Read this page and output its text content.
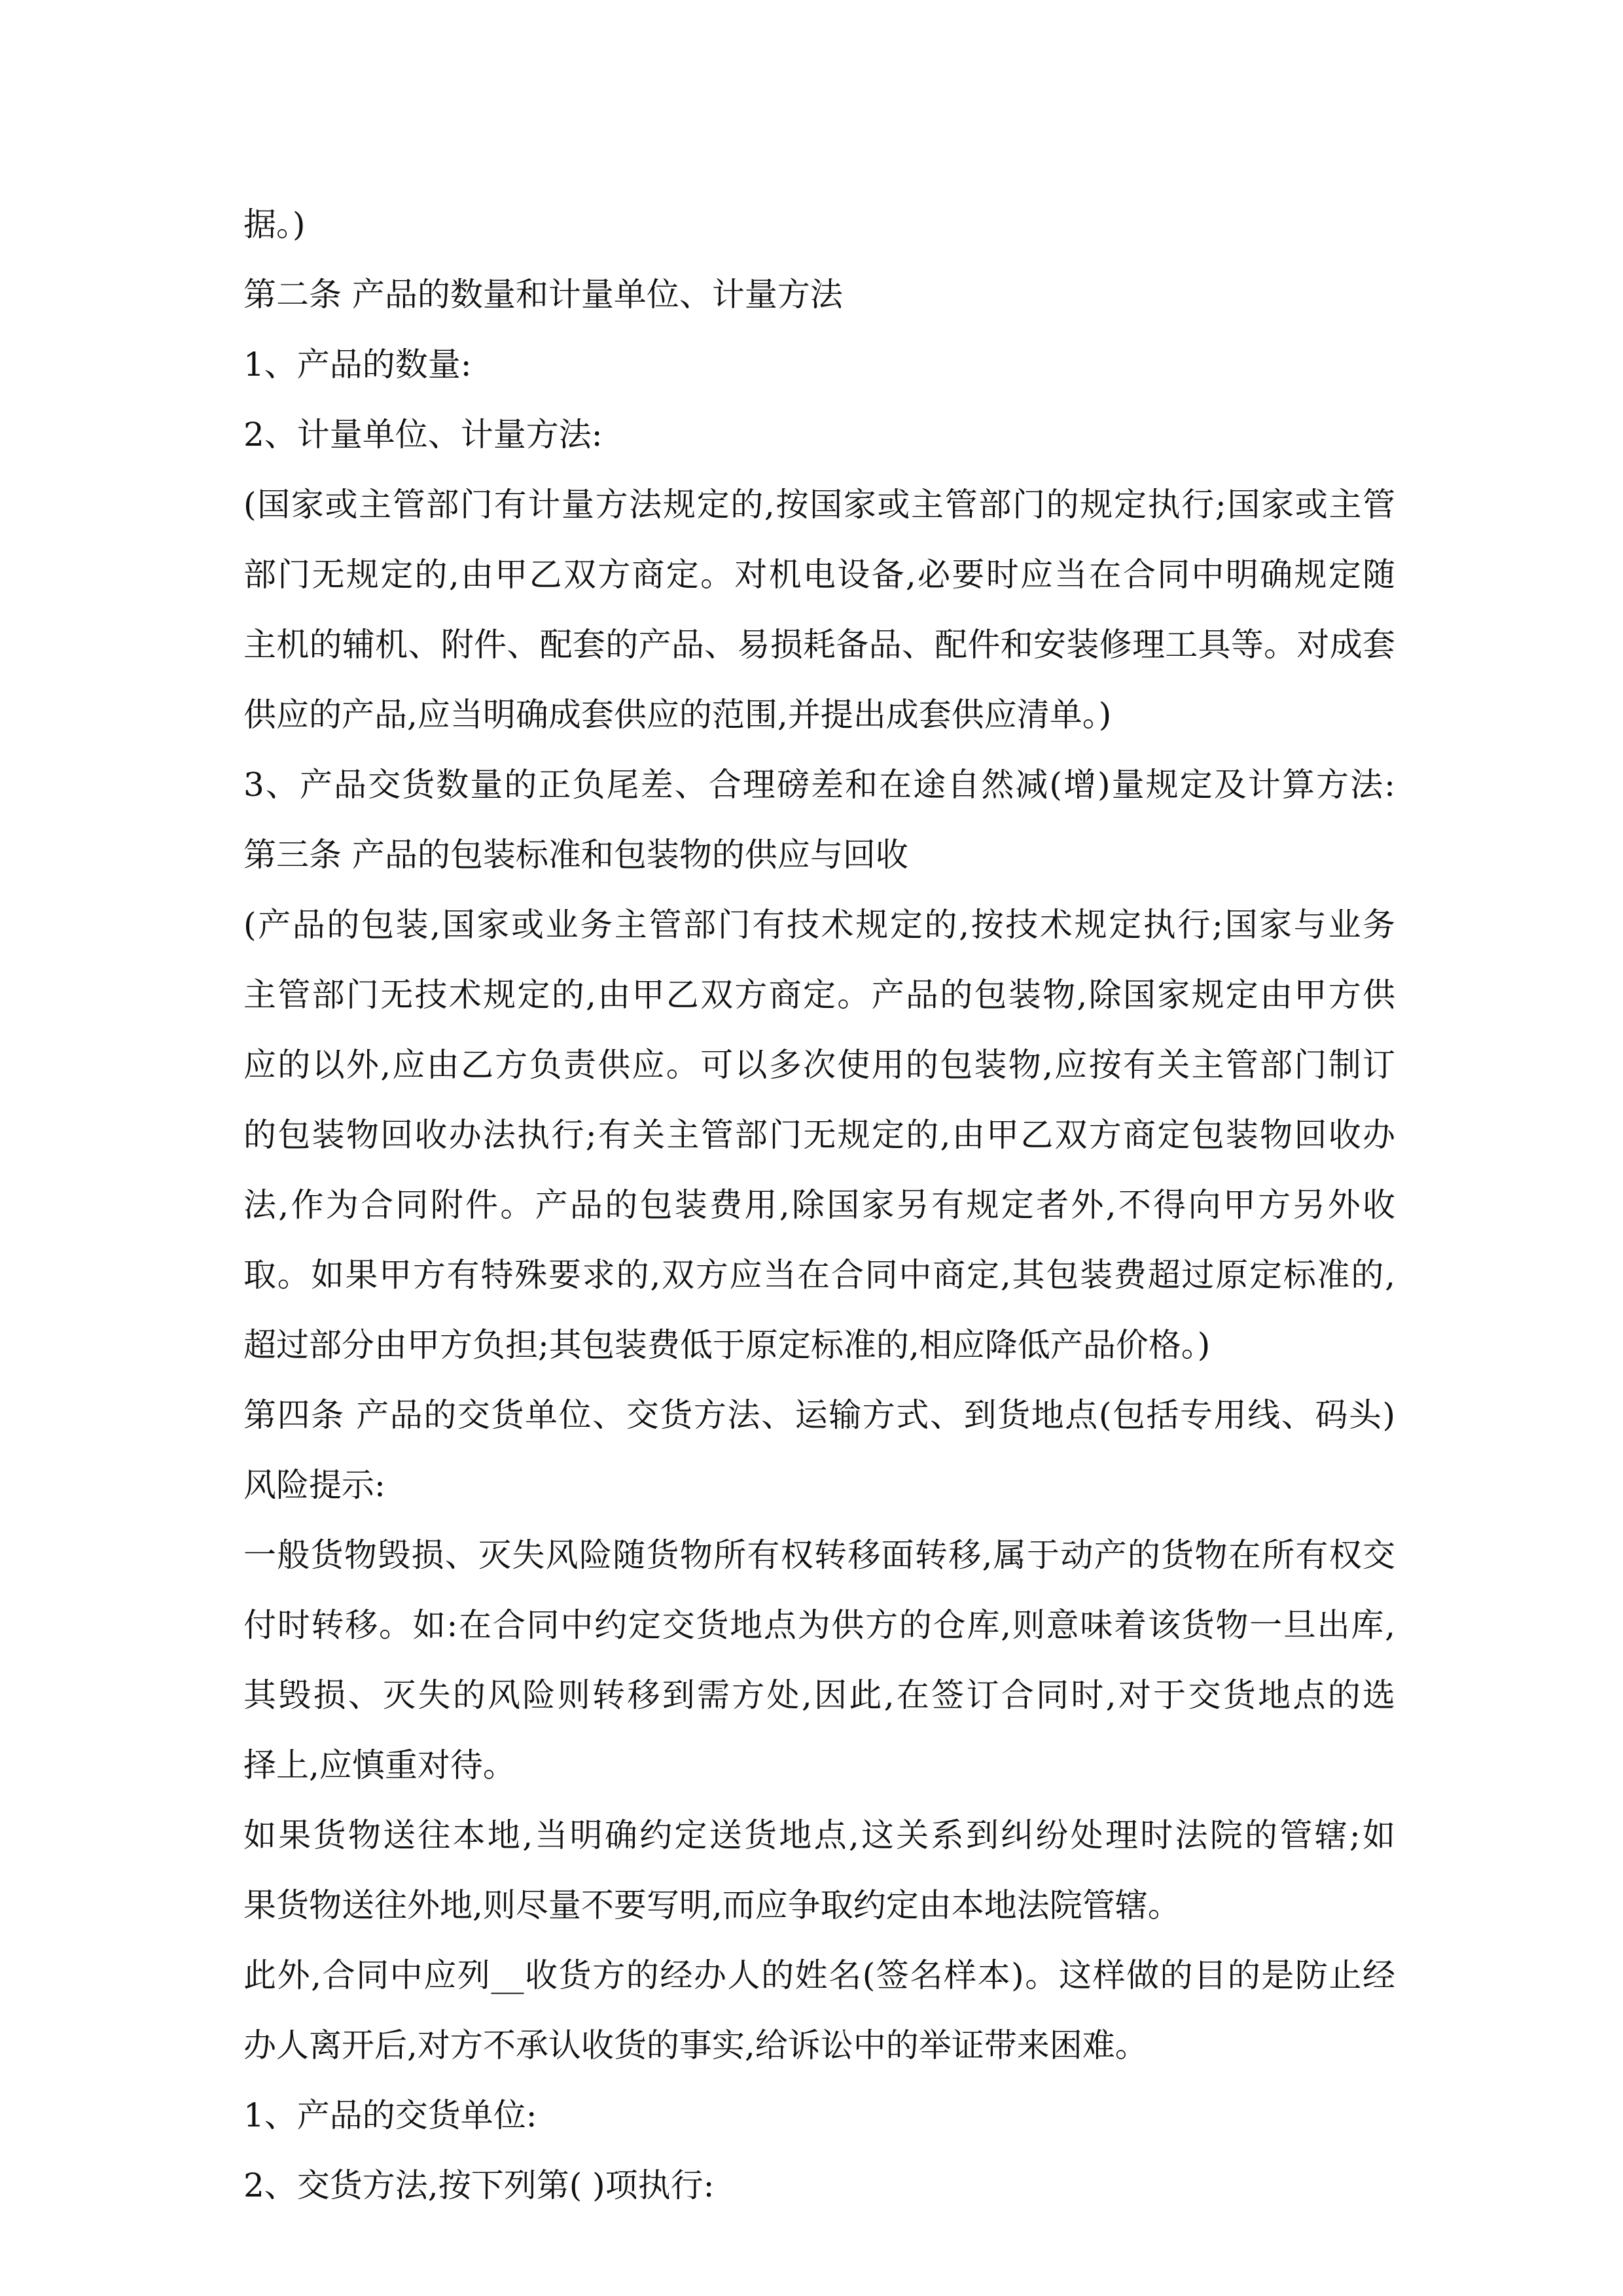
据。)
第二条 产品的数量和计量单位、计量方法
1、产品的数量:
2、计量单位、计量方法:
(国家或主管部门有计量方法规定的,按国家或主管部门的规定执行;国家或主管
部门无规定的,由甲乙双方商定。对机电设备,必要时应当在合同中明确规定随
主机的辅机、附件、配套的产品、易损耗备品、配件和安装修理工具等。对成套
供应的产品,应当明确成套供应的范围,并提出成套供应清单。)
3、产品交货数量的正负尾差、合理磅差和在途自然减(增)量规定及计算方法:
第三条 产品的包装标准和包装物的供应与回收
(产品的包装,国家或业务主管部门有技术规定的,按技术规定执行;国家与业务
主管部门无技术规定的,由甲乙双方商定。产品的包装物,除国家规定由甲方供
应的以外,应由乙方负责供应。可以多次使用的包装物,应按有关主管部门制订
的包装物回收办法执行;有关主管部门无规定的,由甲乙双方商定包装物回收办
法,作为合同附件。产品的包装费用,除国家另有规定者外,不得向甲方另外收
取。如果甲方有特殊要求的,双方应当在合同中商定,其包装费超过原定标准的,
超过部分由甲方负担;其包装费低于原定标准的,相应降低产品价格。)
第四条 产品的交货单位、交货方法、运输方式、到货地点(包括专用线、码头)
风险提示:
一般货物毁损、灭失风险随货物所有权转移面转移,属于动产的货物在所有权交
付时转移。如:在合同中约定交货地点为供方的仓库,则意味着该货物一旦出库,
其毁损、灭失的风险则转移到需方处,因此,在签订合同时,对于交货地点的选
择上,应慎重对待。
如果货物送往本地,当明确约定送货地点,这关系到纠纷处理时法院的管辖;如
果货物送往外地,则尽量不要写明,而应争取约定由本地法院管辖。
此外,合同中应列__收货方的经办人的姓名(签名样本)。这样做的目的是防止经
办人离开后,对方不承认收货的事实,给诉讼中的举证带来困难。
1、产品的交货单位:
2、交货方法,按下列第( )项执行:
